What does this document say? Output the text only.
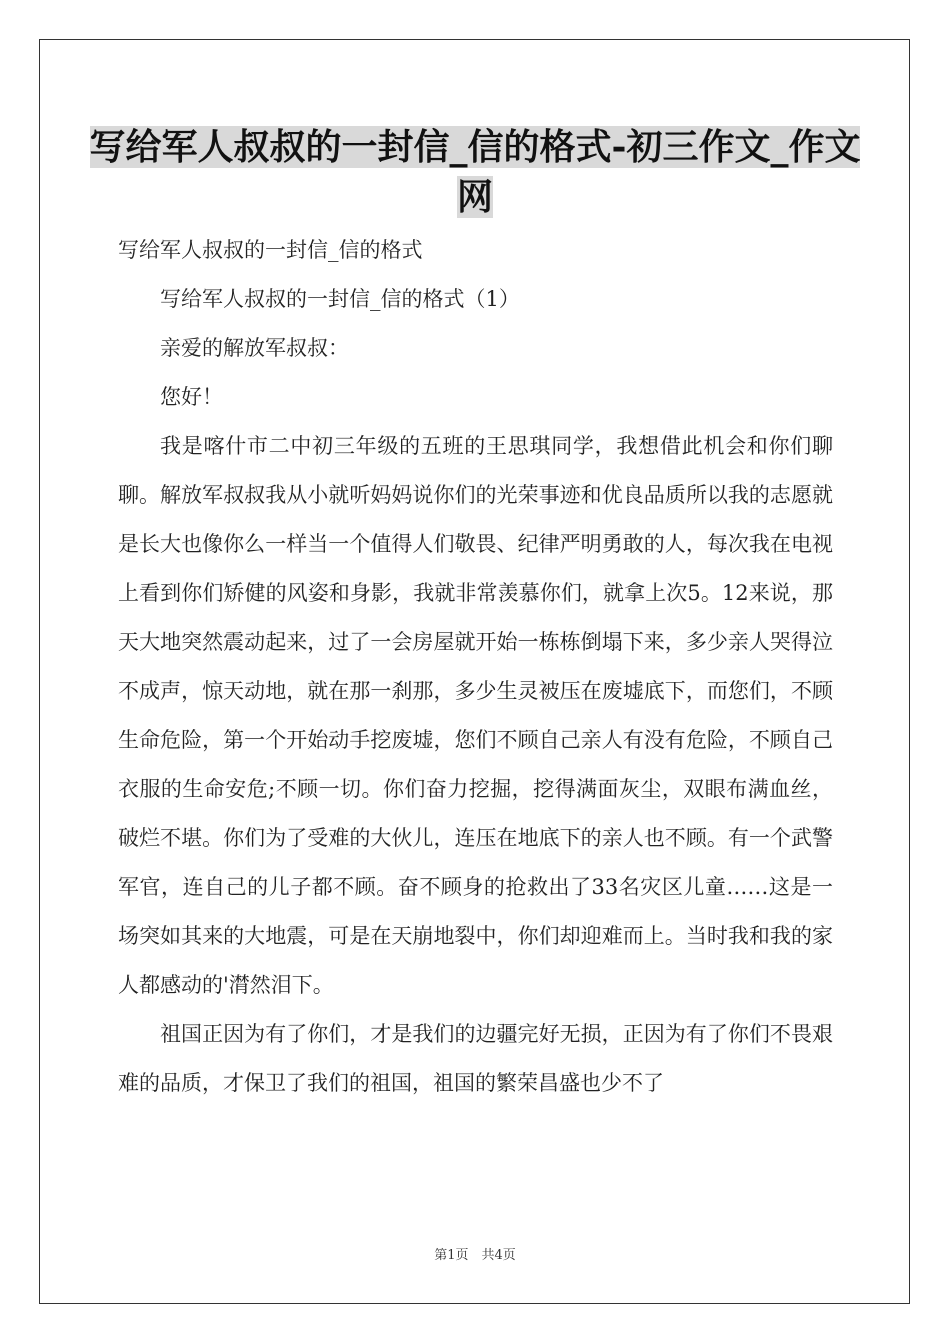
写给军人叔叔的一封信_信的格式-初三作文_作文网

写给军人叔叔的一封信_信的格式

写给军人叔叔的一封信_信的格式（1）

亲爱的解放军叔叔：

您好！

我是喀什市二中初三年级的五班的王思琪同学，我想借此机会和你们聊聊。解放军叔叔我从小就听妈妈说你们的光荣事迹和优良品质所以我的志愿就是长大也像你么一样当一个值得人们敬畏、纪律严明勇敢的人，每次我在电视上看到你们矫健的风姿和身影，我就非常羡慕你们，就拿上次5。12来说，那天大地突然震动起来，过了一会房屋就开始一栋栋倒塌下来，多少亲人哭得泣不成声，惊天动地，就在那一刹那，多少生灵被压在废墟底下，而您们，不顾生命危险，第一个开始动手挖废墟，您们不顾自己亲人有没有危险，不顾自己衣服的生命安危;不顾一切。你们奋力挖掘，挖得满面灰尘，双眼布满血丝，破烂不堪。你们为了受难的大伙儿，连压在地底下的亲人也不顾。有一个武警军官，连自己的儿子都不顾。奋不顾身的抢救出了33名灾区儿童……这是一场突如其来的大地震，可是在天崩地裂中，你们却迎难而上。当时我和我的家人都感动的'潸然泪下。

祖国正因为有了你们，才是我们的边疆完好无损，正因为有了你们不畏艰难的品质，才保卫了我们的祖国，祖国的繁荣昌盛也少不了

第1页　共4页
